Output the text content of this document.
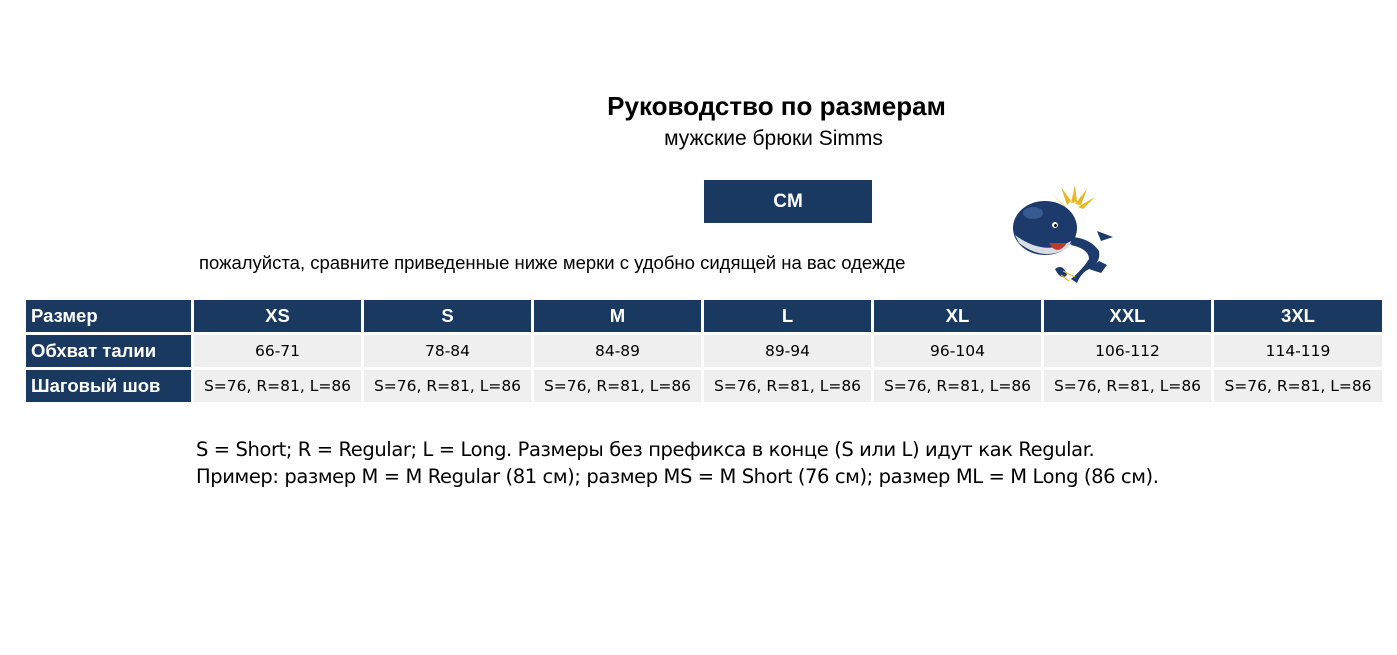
Руководство по размерам
мужские брюки Simms
CM
пожалуйста, сравните приведенные ниже мерки с удобно сидящей на вас одежде
Размер	XS	S	M	L	XL	XXL	3XL
Обхват талии	66-71	78-84	84-89	89-94	96-104	106-112	114-119
Шаговый шов	S=76, R=81, L=86	S=76, R=81, L=86	S=76, R=81, L=86	S=76, R=81, L=86	S=76, R=81, L=86	S=76, R=81, L=86	S=76, R=81, L=86
S = Short; R = Regular; L = Long. Размеры без префикса в конце (S или L) идут как Regular.
Пример: размер M = M Regular (81 см); размер MS = M Short (76 см); размер ML = M Long (86 см).
